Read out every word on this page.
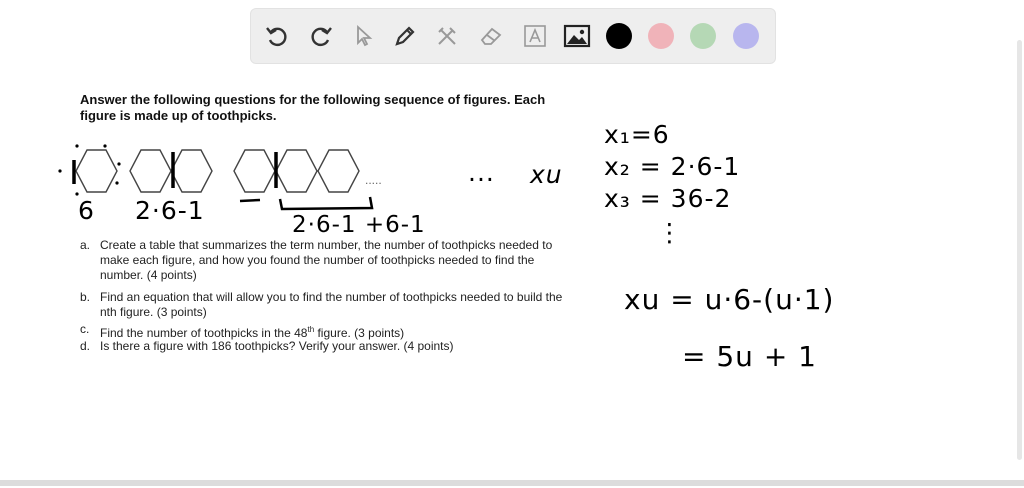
Answer the following questions for the following sequence of figures. Each figure is made up of toothpicks.
.....
6 2·6-1	2·6-1 +6-1
... xu
x₁=6
x₂ = 2·6-1
x₃ = 36-2
⋮
xu = u·6-(u·1)
= 5u + 1
a. Create a table that summarizes the term number, the number of toothpicks needed to make each figure, and how you found the number of toothpicks needed to find the number. (4 points)
b. Find an equation that will allow you to find the number of toothpicks needed to build the nth figure. (3 points)
c. Find the number of toothpicks in the 48th figure. (3 points)
d. Is there a figure with 186 toothpicks? Verify your answer. (4 points)
